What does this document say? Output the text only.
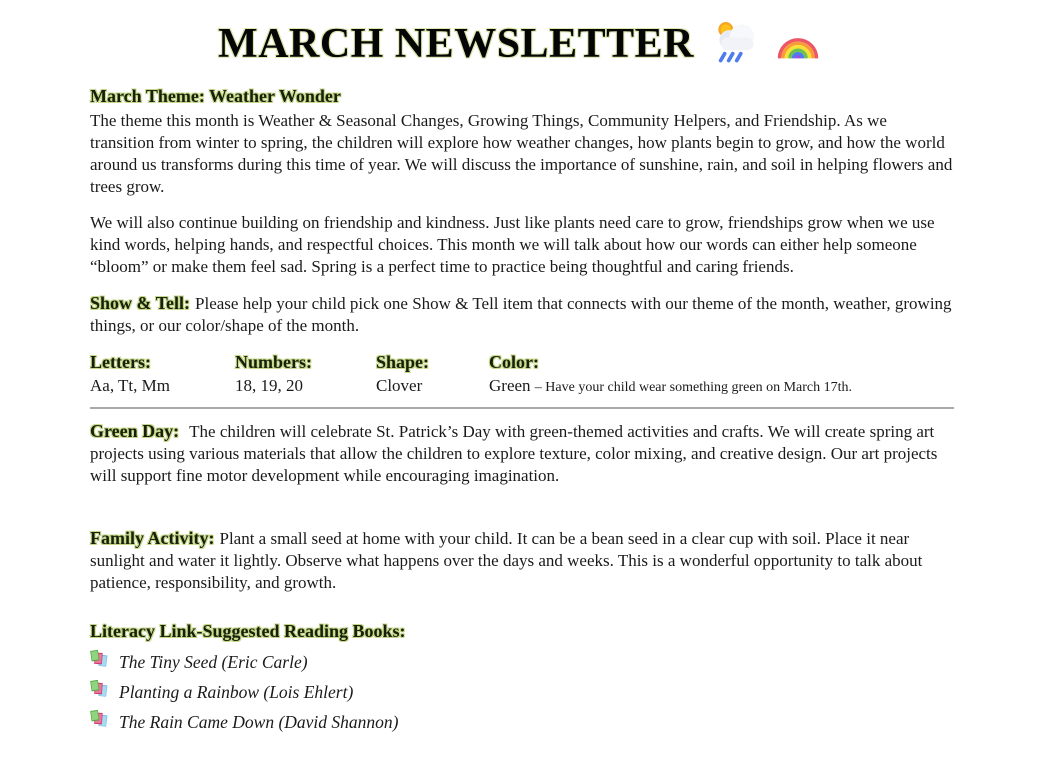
MARCH NEWSLETTER
March Theme: Weather Wonder

The theme this month is Weather & Seasonal Changes, Growing Things, Community Helpers, and Friendship. As we transition from winter to spring, the children will explore how weather changes, how plants begin to grow, and how the world around us transforms during this time of year. We will discuss the importance of sunshine, rain, and soil in helping flowers and trees grow.

We will also continue building on friendship and kindness. Just like plants need care to grow, friendships grow when we use kind words, helping hands, and respectful choices. This month we will talk about how our words can either help someone “bloom” or make them feel sad. Spring is a perfect time to practice being thoughtful and caring friends.

Show & Tell: Please help your child pick one Show & Tell item that connects with our theme of the month, weather, growing things, or our color/shape of the month.

Letters:
Aa, Tt, Mm
Numbers:
18, 19, 20
Shape:
Clover
Color:
Green – Have your child wear something green on March 17th.

Green Day: The children will celebrate St. Patrick’s Day with green-themed activities and crafts. We will create spring art projects using various materials that allow the children to explore texture, color mixing, and creative design. Our art projects will support fine motor development while encouraging imagination.

Family Activity: Plant a small seed at home with your child. It can be a bean seed in a clear cup with soil. Place it near sunlight and water it lightly. Observe what happens over the days and weeks. This is a wonderful opportunity to talk about patience, responsibility, and growth.

Literacy Link-Suggested Reading Books:
The Tiny Seed (Eric Carle)
Planting a Rainbow (Lois Ehlert)
The Rain Came Down (David Shannon)
